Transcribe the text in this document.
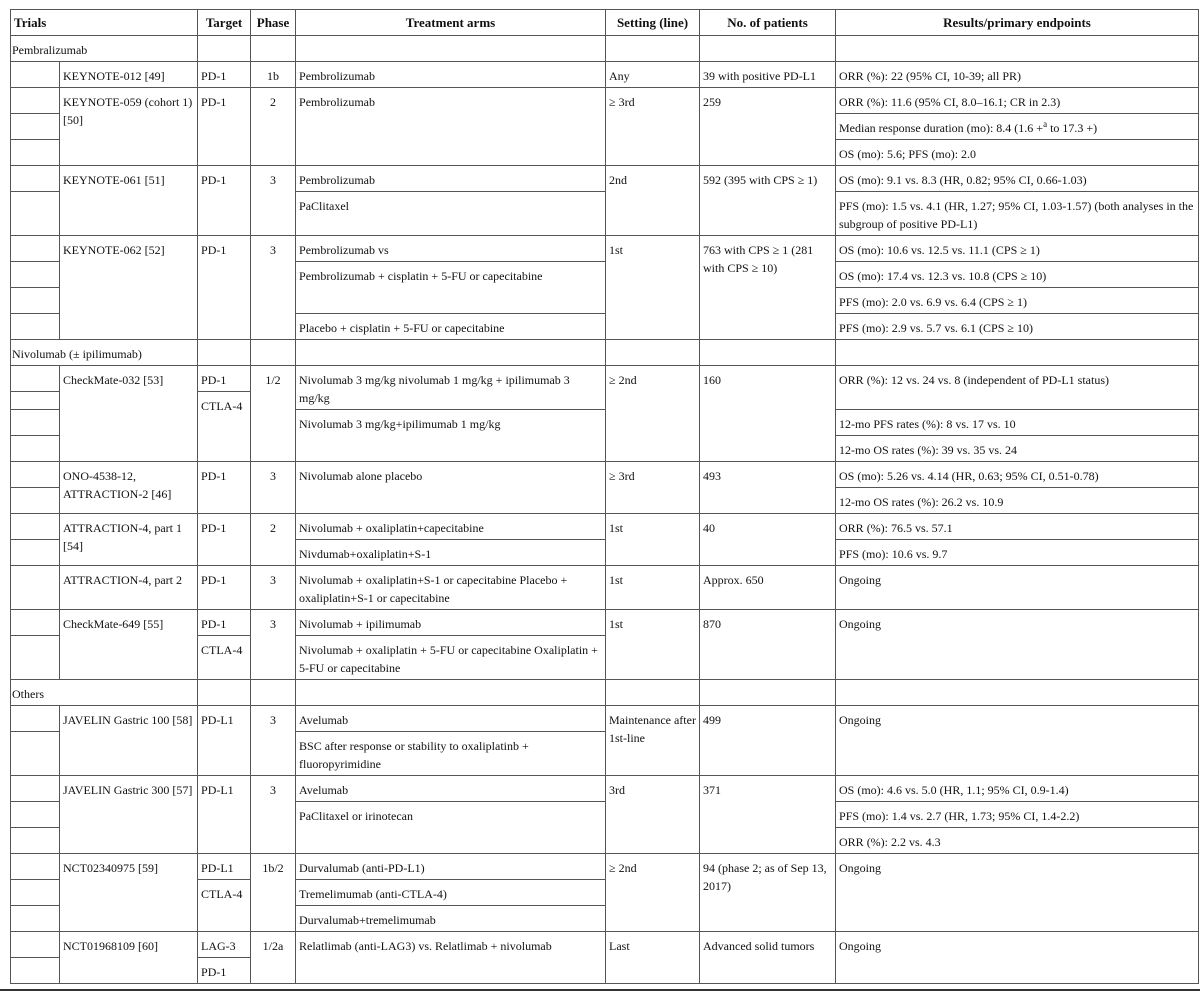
Trials		Target	Phase	Treatment arms	Setting (line)	No. of patients	Results/primary endpoints
Pembralizumab							
	KEYNOTE-012 [49]	PD-1	1b	Pembrolizumab	Any	39 with positive PD-L1	ORR (%): 22 (95% CI, 10-39; all PR)
	KEYNOTE-059 (cohort 1) [50]	PD-1	2	Pembrolizumab	≥ 3rd	259	ORR (%): 11.6 (95% CI, 8.0–16.1; CR in 2.3)
							Median response duration (mo): 8.4 (1.6 +$^a$ to 17.3 +)
							OS (mo): 5.6; PFS (mo): 2.0
	KEYNOTE-061 [51]	PD-1	3	Pembrolizumab	2nd	592 (395 with CPS ≥ 1)	OS (mo): 9.1 vs. 8.3 (HR, 0.82; 95% CI, 0.66-1.03)
				PaClitaxel			PFS (mo): 1.5 vs. 4.1 (HR, 1.27; 95% CI, 1.03-1.57) (both analyses in the subgroup of positive PD-L1)
	KEYNOTE-062 [52]	PD-1	3	Pembrolizumab vs	1st	763 with CPS ≥ 1 (281 with CPS ≥ 10)	OS (mo): 10.6 vs. 12.5 vs. 11.1 (CPS ≥ 1)
				Pembrolizumab + cisplatin + 5-FU or capecitabine			OS (mo): 17.4 vs. 12.3 vs. 10.8 (CPS ≥ 10)
							PFS (mo): 2.0 vs. 6.9 vs. 6.4 (CPS ≥ 1)
				Placebo + cisplatin + 5-FU or capecitabine			PFS (mo): 2.9 vs. 5.7 vs. 6.1 (CPS ≥ 10)
Nivolumab (± ipilimumab)							
	CheckMate-032 [53]	PD-1	1/2	Nivolumab 3 mg/kg nivolumab 1 mg/kg + ipilimumab 3 mg/kg	≥ 2nd	160	ORR (%): 12 vs. 24 vs. 8 (independent of PD-L1 status)
		CTLA-4					
				Nivolumab 3 mg/kg+ipilimumab 1 mg/kg			12-mo PFS rates (%): 8 vs. 17 vs. 10
							12-mo OS rates (%): 39 vs. 35 vs. 24
	ONO-4538-12, ATTRACTION-2 [46]	PD-1	3	Nivolumab alone placebo	≥ 3rd	493	OS (mo): 5.26 vs. 4.14 (HR, 0.63; 95% CI, 0.51-0.78)
							12-mo OS rates (%): 26.2 vs. 10.9
	ATTRACTION-4, part 1 [54]	PD-1	2	Nivolumab + oxaliplatin+capecitabine	1st	40	ORR (%): 76.5 vs. 57.1
				Nivdumab+oxaliplatin+S-1			PFS (mo): 10.6 vs. 9.7
	ATTRACTION-4, part 2	PD-1	3	Nivolumab + oxaliplatin+S-1 or capecitabine Placebo + oxaliplatin+S-1 or capecitabine	1st	Approx. 650	Ongoing
	CheckMate-649 [55]	PD-1	3	Nivolumab + ipilimumab	1st	870	Ongoing
		CTLA-4		Nivolumab + oxaliplatin + 5-FU or capecitabine Oxaliplatin + 5-FU or capecitabine			
Others							
	JAVELIN Gastric 100 [58]	PD-L1	3	Avelumab	Maintenance after 1st-line	499	Ongoing
				BSC after response or stability to oxaliplatinb + fluoropyrimidine			
	JAVELIN Gastric 300 [57]	PD-L1	3	Avelumab	3rd	371	OS (mo): 4.6 vs. 5.0 (HR, 1.1; 95% CI, 0.9-1.4)
				PaClitaxel or irinotecan			PFS (mo): 1.4 vs. 2.7 (HR, 1.73; 95% CI, 1.4-2.2)
							ORR (%): 2.2 vs. 4.3
	NCT02340975 [59]	PD-L1	1b/2	Durvalumab (anti-PD-L1)	≥ 2nd	94 (phase 2; as of Sep 13, 2017)	Ongoing
		CTLA-4		Tremelimumab (anti-CTLA-4)			
				Durvalumab+tremelimumab			
	NCT01968109 [60]	LAG-3	1/2a	Relatlimab (anti-LAG3) vs. Relatlimab + nivolumab	Last	Advanced solid tumors	Ongoing
		PD-1					
